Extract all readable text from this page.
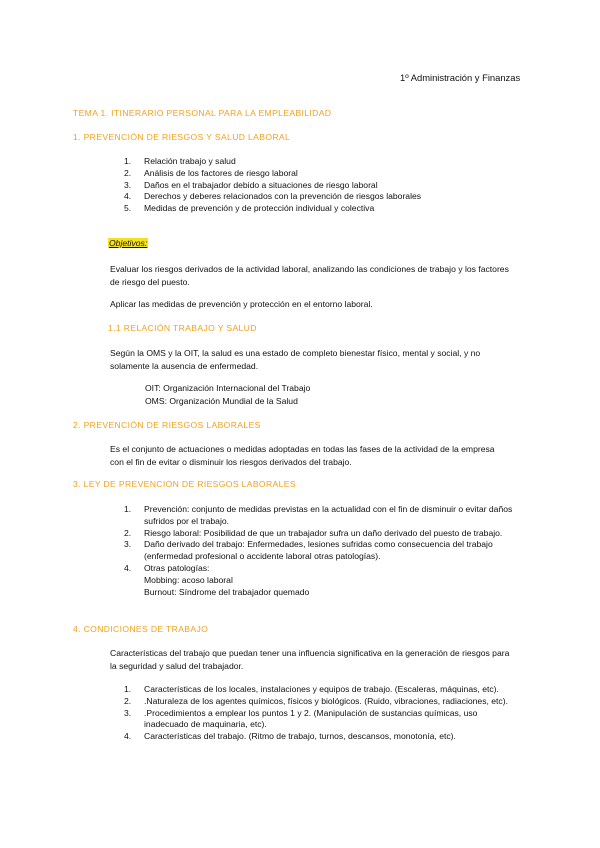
1º Administración y Finanzas
TEMA 1. ITINERARIO PERSONAL PARA LA EMPLEABILIDAD
1. PREVENCIÓN DE RIESGOS Y SALUD LABORAL
1. Relación trabajo y salud
2. Análisis de los factores de riesgo laboral
3. Daños en el trabajador debido a situaciones de riesgo laboral
4. Derechos y deberes relacionados con la prevención de riesgos laborales
5. Medidas de prevención y de protección individual y colectiva
Objetivos:
Evaluar los riesgos derivados de la actividad laboral, analizando las condiciones de trabajo y los factores de riesgo del puesto.
Aplicar las medidas de prevención y protección en el entorno laboral.
1.1 RELACIÓN TRABAJO Y SALUD
Según la OMS y la OIT, la salud es una estado de completo bienestar físico, mental y social, y no solamente la ausencia de enfermedad.
OIT: Organización Internacional del Trabajo
OMS: Organización Mundial de la Salud
2. PREVENCIÓN DE RIESGOS LABORALES
Es el conjunto de actuaciones o medidas adoptadas en todas las fases de la actividad de la empresa con el fin de evitar o disminuir los riesgos derivados del trabajo.
3. LEY DE PREVENCION DE RIESGOS LABORALES
1. Prevención: conjunto de medidas previstas en la actualidad con el fin de disminuir o evitar daños sufridos por el trabajo.
2. Riesgo laboral: Posibilidad de que un trabajador sufra un daño derivado del puesto de trabajo.
3. Daño derivado del trabajo: Enfermedades, lesiones sufridas como consecuencia del trabajo (enfermedad profesional o accidente laboral otras patologías).
4. Otras patologías:
Mobbing: acoso laboral
Burnout: Síndrome del trabajador quemado
4. CONDICIONES DE TRABAJO
Características del trabajo que puedan tener una influencia significativa en la generación de riesgos para la seguridad y salud del trabajador.
1. Características de los locales, instalaciones y equipos de trabajo. (Escaleras, máquinas, etc).
2. .Naturaleza de los agentes químicos, físicos y biológicos. (Ruido, vibraciones, radiaciones, etc).
3. .Procedimientos a emplear los puntos 1 y 2. (Manipulación de sustancias químicas, uso inadecuado de maquinaria, etc).
4. Características del trabajo. (Ritmo de trabajo, turnos, descansos, monotonía, etc).
